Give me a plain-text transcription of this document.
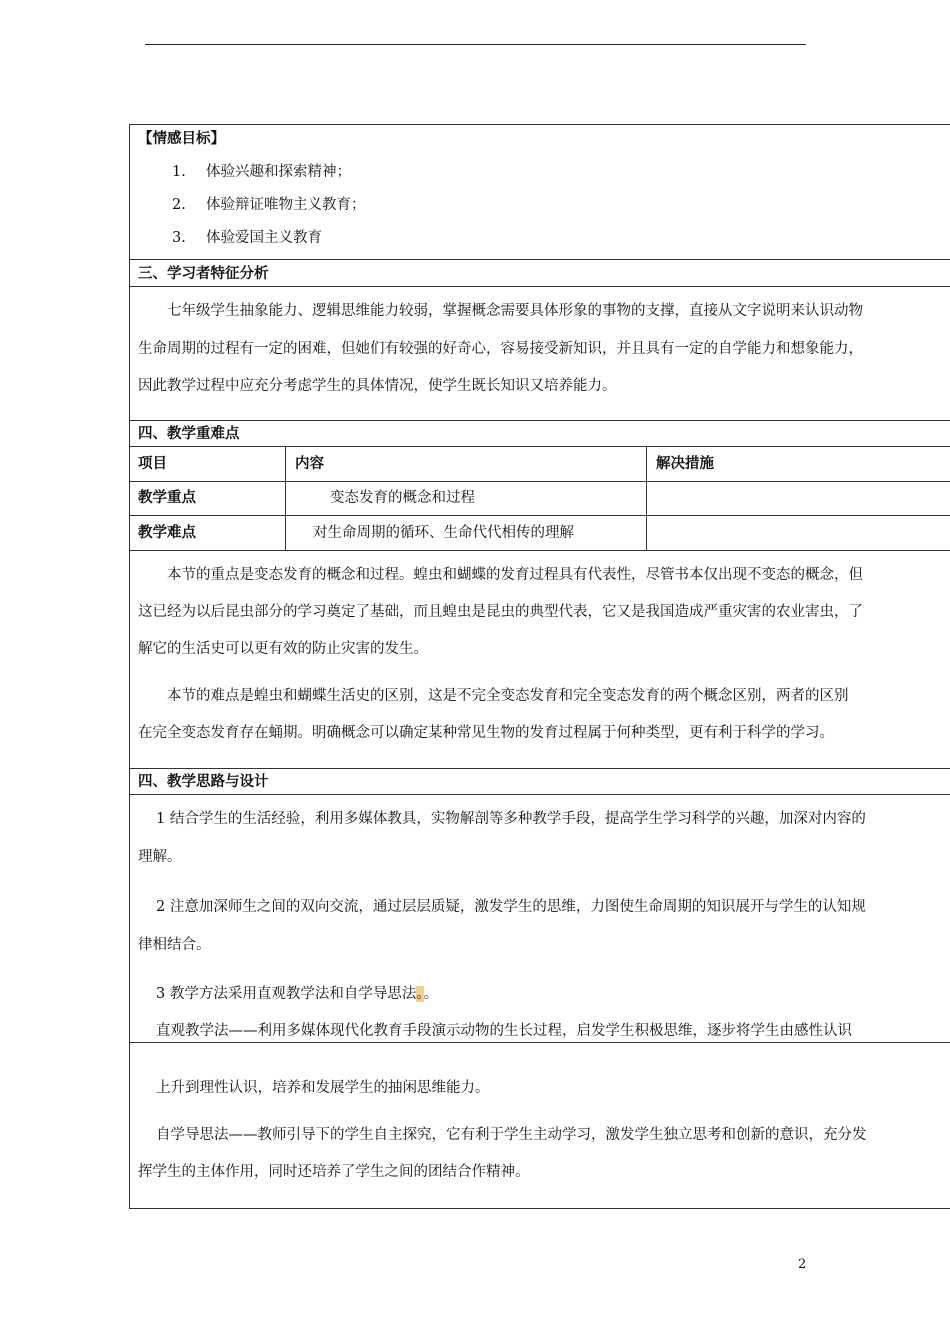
【情感目标】
1. 体验兴趣和探索精神；
2. 体验辩证唯物主义教育；
3. 体验爱国主义教育
三、学习者特征分析
七年级学生抽象能力、逻辑思维能力较弱，掌握概念需要具体形象的事物的支撑，直接从文字说明来认识动物
生命周期的过程有一定的困难，但她们有较强的好奇心，容易接受新知识，并且具有一定的自学能力和想象能力，
因此教学过程中应充分考虑学生的具体情况，使学生既长知识又培养能力。
四、教学重难点
项目	内容	解决措施
教学重点	变态发育的概念和过程
教学难点	对生命周期的循环、生命代代相传的理解
本节的重点是变态发育的概念和过程。蝗虫和蝴蝶的发育过程具有代表性，尽管书本仅出现不变态的概念，但
这已经为以后昆虫部分的学习奠定了基础，而且蝗虫是昆虫的典型代表，它又是我国造成严重灾害的农业害虫，了
解它的生活史可以更有效的防止灾害的发生。
本节的难点是蝗虫和蝴蝶生活史的区别，这是不完全变态发育和完全变态发育的两个概念区别，两者的区别
在完全变态发育存在蛹期。明确概念可以确定某种常见生物的发育过程属于何种类型，更有利于科学的学习。
四、教学思路与设计
1 结合学生的生活经验，利用多媒体教具，实物解剖等多种教学手段，提高学生学习科学的兴趣，加深对内容的
理解。
2 注意加深师生之间的双向交流，通过层层质疑，激发学生的思维，力图使生命周期的知识展开与学生的认知规
律相结合。
3 教学方法采用直观教学法和自学导思法。。
直观教学法——利用多媒体现代化教育手段演示动物的生长过程，启发学生积极思维，逐步将学生由感性认识
上升到理性认识，培养和发展学生的抽闲思维能力。
自学导思法——教师引导下的学生自主探究，它有利于学生主动学习，激发学生独立思考和创新的意识，充分发
挥学生的主体作用，同时还培养了学生之间的团结合作精神。
2
